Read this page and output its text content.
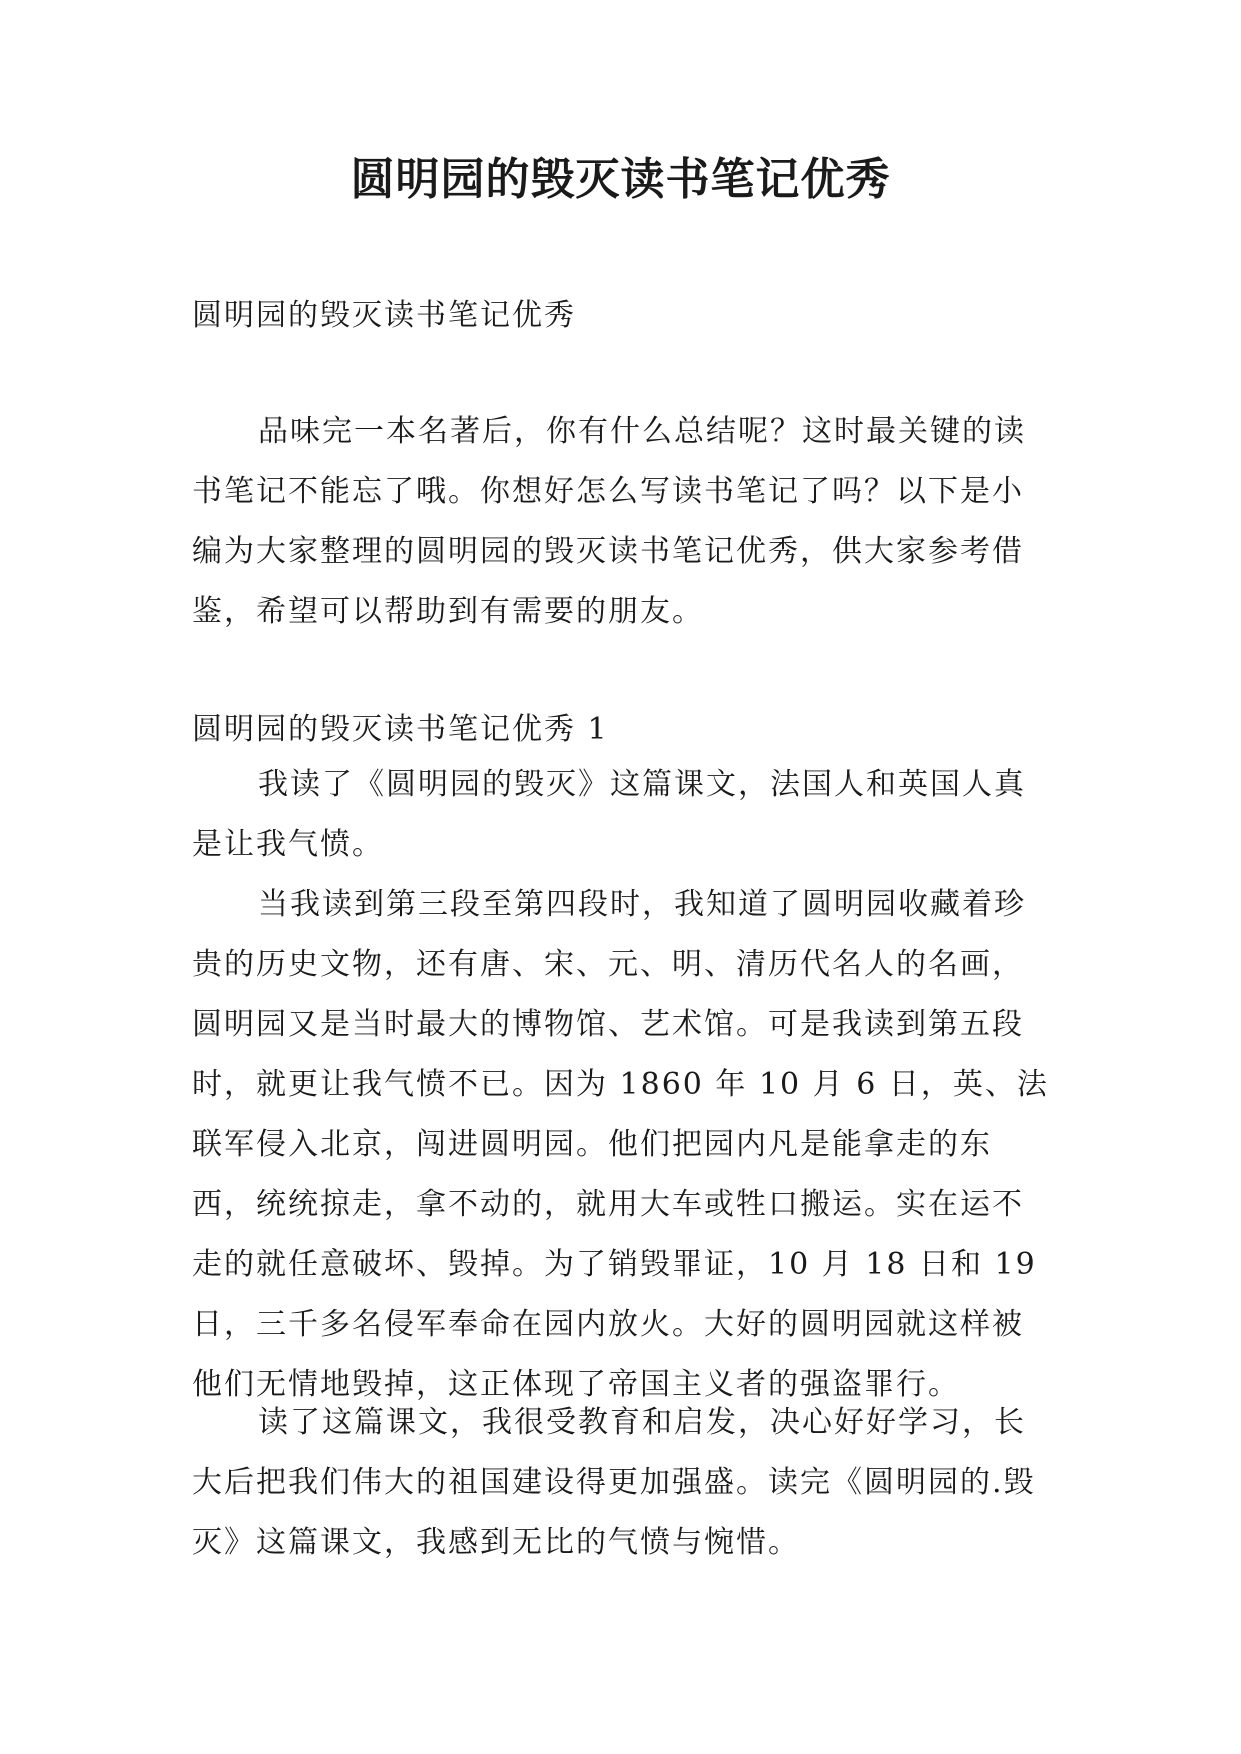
圆明园的毁灭读书笔记优秀

圆明园的毁灭读书笔记优秀

品味完一本名著后，你有什么总结呢？这时最关键的读书笔记不能忘了哦。你想好怎么写读书笔记了吗？以下是小编为大家整理的圆明园的毁灭读书笔记优秀，供大家参考借鉴，希望可以帮助到有需要的朋友。

圆明园的毁灭读书笔记优秀 1

我读了《圆明园的毁灭》这篇课文，法国人和英国人真是让我气愤。

当我读到第三段至第四段时，我知道了圆明园收藏着珍贵的历史文物，还有唐、宋、元、明、清历代名人的名画，圆明园又是当时最大的博物馆、艺术馆。可是我读到第五段时，就更让我气愤不已。因为 1860 年 10 月 6 日，英、法联军侵入北京，闯进圆明园。他们把园内凡是能拿走的东西，统统掠走，拿不动的，就用大车或牲口搬运。实在运不走的就任意破坏、毁掉。为了销毁罪证，10 月 18 日和 19 日，三千多名侵军奉命在园内放火。大好的圆明园就这样被他们无情地毁掉，这正体现了帝国主义者的强盗罪行。

读了这篇课文，我很受教育和启发，决心好好学习，长大后把我们伟大的祖国建设得更加强盛。读完《圆明园的.毁灭》这篇课文，我感到无比的气愤与惋惜。
